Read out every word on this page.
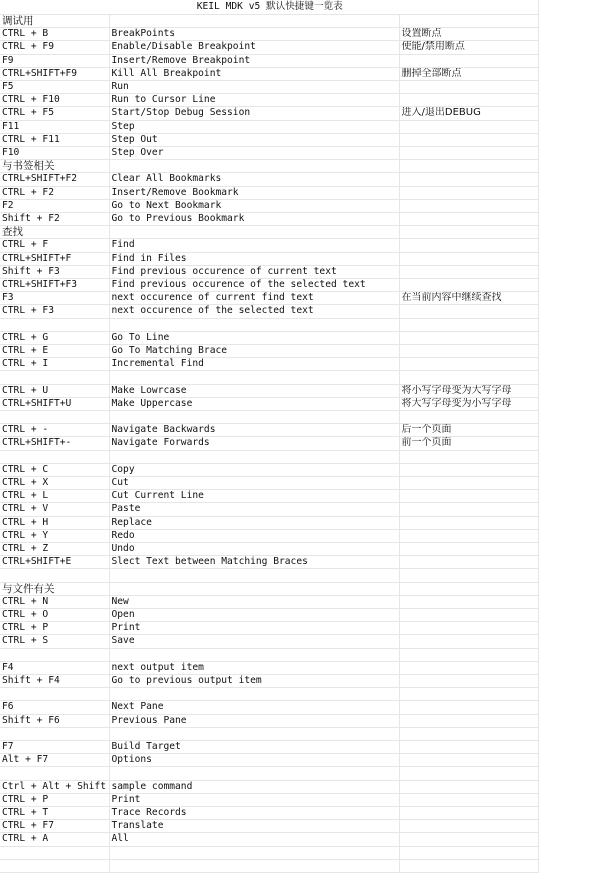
KEIL MDK v5 默认快捷键一览表		
调试用		
CTRL + B	BreakPoints	设置断点
CTRL + F9	Enable/Disable Breakpoint	使能/禁用断点
F9	Insert/Remove Breakpoint	
CTRL+SHIFT+F9	Kill All Breakpoint	删掉全部断点
F5	Run	
CTRL + F10	Run to Cursor Line	
CTRL + F5	Start/Stop Debug Session	进入/退出DEBUG
F11	Step	
CTRL + F11	Step Out	
F10	Step Over	
与书签相关		
CTRL+SHIFT+F2	Clear All Bookmarks	
CTRL + F2	Insert/Remove Bookmark	
F2	Go to Next Bookmark	
Shift + F2	Go to Previous Bookmark	
查找		
CTRL + F	Find	
CTRL+SHIFT+F	Find in Files	
Shift + F3	Find previous occurence of current text	
CTRL+SHIFT+F3	Find previous occurence of the selected text	
F3	next occurence of current find text	在当前内容中继续查找
CTRL + F3	next occurence of the selected text	

CTRL + G	Go To Line	
CTRL + E	Go To Matching Brace	
CTRL + I	Incremental Find	

CTRL + U	Make Lowrcase	将小写字母变为大写字母
CTRL+SHIFT+U	Make Uppercase	将大写字母变为小写字母

CTRL + -	Navigate Backwards	后一个页面
CTRL+SHIFT+-	Navigate Forwards	前一个页面

CTRL + C	Copy	
CTRL + X	Cut	
CTRL + L	Cut Current Line	
CTRL + V	Paste	
CTRL + H	Replace	
CTRL + Y	Redo	
CTRL + Z	Undo	
CTRL+SHIFT+E	Slect Text between Matching Braces	

与文件有关		
CTRL + N	New	
CTRL + O	Open	
CTRL + P	Print	
CTRL + S	Save	

F4	next output item	
Shift + F4	Go to previous output item	

F6	Next Pane	
Shift + F6	Previous Pane	

F7	Build Target	
Alt + F7	Options	

Ctrl + Alt + Shift	sample command	
CTRL + P	Print	
CTRL + T	Trace Records	
CTRL + F7	Translate	
CTRL + A	All	
